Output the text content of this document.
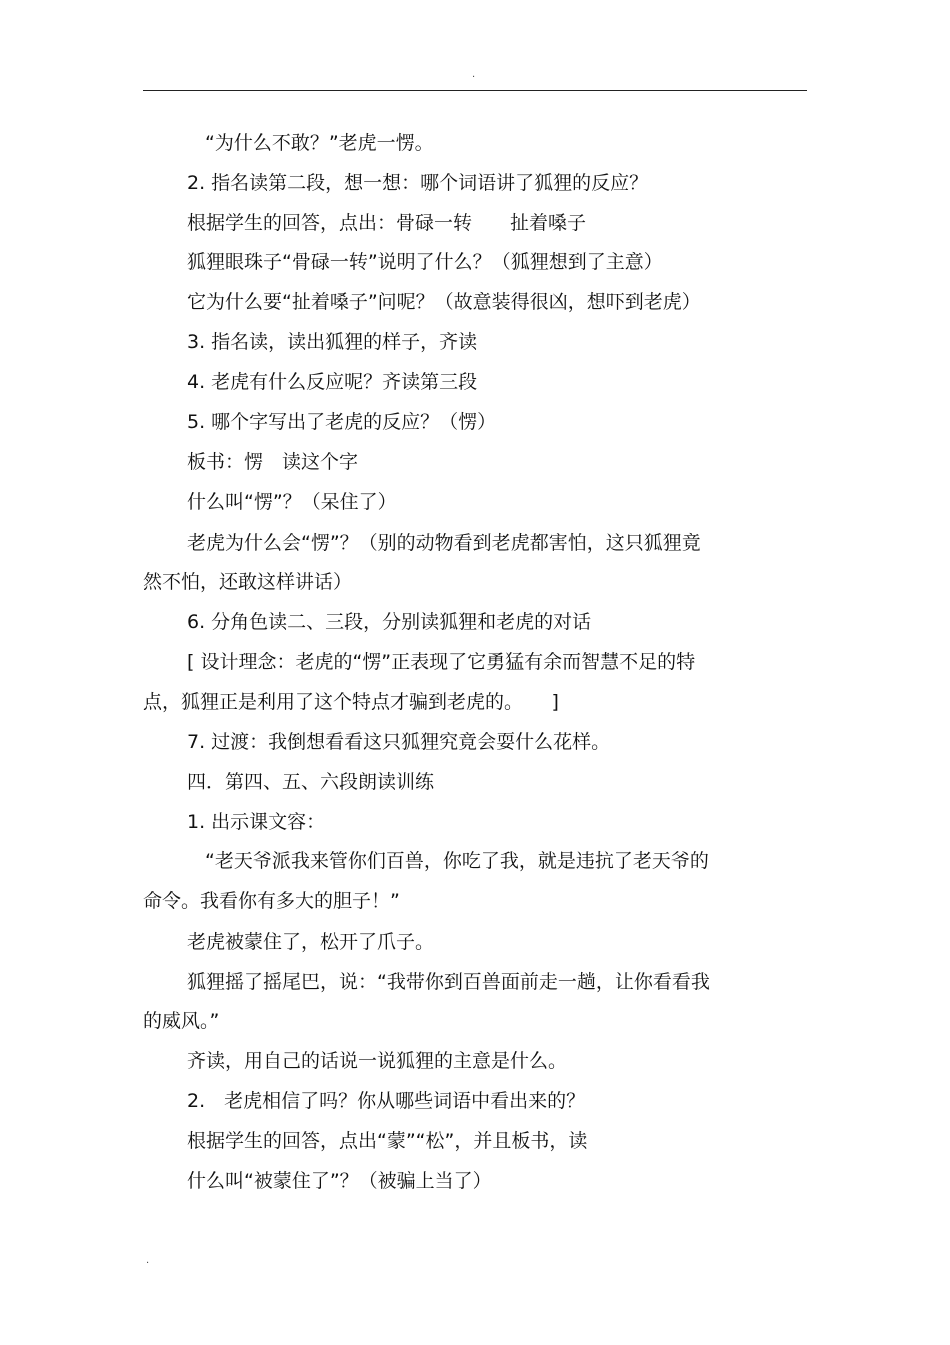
.
“为什么不敢？”老虎一愣。
2. 指名读第二段，想一想：哪个词语讲了狐狸的反应？
根据学生的回答，点出：骨碌一转　　扯着嗓子
狐狸眼珠子“骨碌一转”说明了什么？（狐狸想到了主意）
它为什么要“扯着嗓子”问呢？（故意装得很凶，想吓到老虎）
3. 指名读，读出狐狸的样子，齐读
4. 老虎有什么反应呢？齐读第三段
5. 哪个字写出了老虎的反应？（愣）
板书：愣　读这个字
什么叫“愣”？（呆住了）
老虎为什么会“愣”？（别的动物看到老虎都害怕，这只狐狸竟
然不怕，还敢这样讲话）
6. 分角色读二、三段，分别读狐狸和老虎的对话
[ 设计理念：老虎的“愣”正表现了它勇猛有余而智慧不足的特
点，狐狸正是利用了这个特点才骗到老虎的。　　]
7. 过渡：我倒想看看这只狐狸究竟会耍什么花样。
四．第四、五、六段朗读训练
1. 出示课文容：
“老天爷派我来管你们百兽，你吃了我，就是违抗了老天爷的
命令。我看你有多大的胆子！”
老虎被蒙住了，松开了爪子。
狐狸摇了摇尾巴，说：“我带你到百兽面前走一趟，让你看看我
的威风。”
齐读，用自己的话说一说狐狸的主意是什么。
2.　老虎相信了吗？你从哪些词语中看出来的？
根据学生的回答，点出“蒙”“松”，并且板书，读
什么叫“被蒙住了”？（被骗上当了）
.
